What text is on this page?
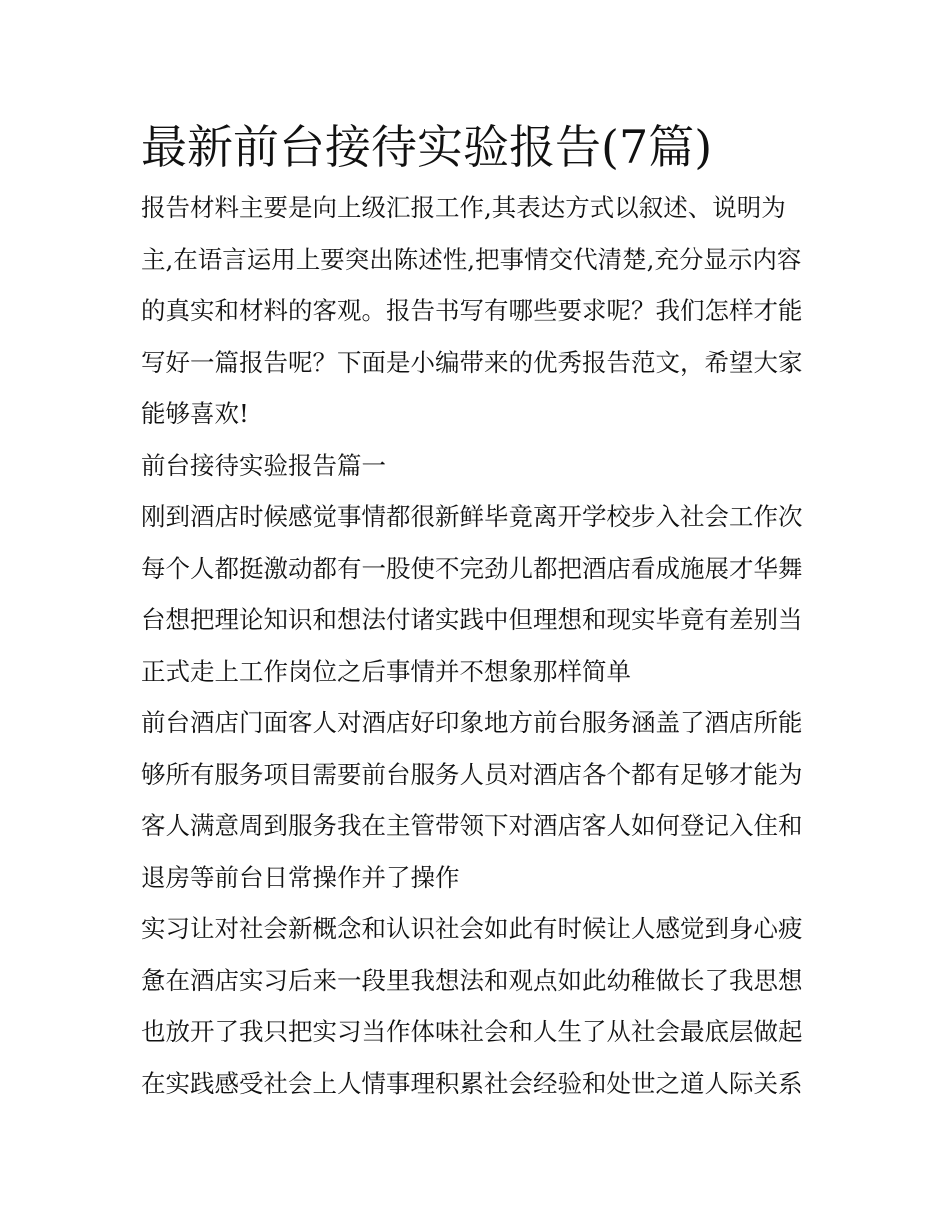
最新前台接待实验报告(7篇)

报告材料主要是向上级汇报工作,其表达方式以叙述、说明为

主,在语言运用上要突出陈述性,把事情交代清楚,充分显示内容

的真实和材料的客观。报告书写有哪些要求呢？我们怎样才能

写好一篇报告呢？下面是小编带来的优秀报告范文，希望大家

能够喜欢!

前台接待实验报告篇一

刚到酒店时候感觉事情都很新鲜毕竟离开学校步入社会工作次

每个人都挺激动都有一股使不完劲儿都把酒店看成施展才华舞

台想把理论知识和想法付诸实践中但理想和现实毕竟有差别当

正式走上工作岗位之后事情并不想象那样简单

前台酒店门面客人对酒店好印象地方前台服务涵盖了酒店所能

够所有服务项目需要前台服务人员对酒店各个都有足够才能为

客人满意周到服务我在主管带领下对酒店客人如何登记入住和

退房等前台日常操作并了操作

实习让对社会新概念和认识社会如此有时候让人感觉到身心疲

惫在酒店实习后来一段里我想法和观点如此幼稚做长了我思想

也放开了我只把实习当作体味社会和人生了从社会最底层做起

在实践感受社会上人情事理积累社会经验和处世之道人际关系
